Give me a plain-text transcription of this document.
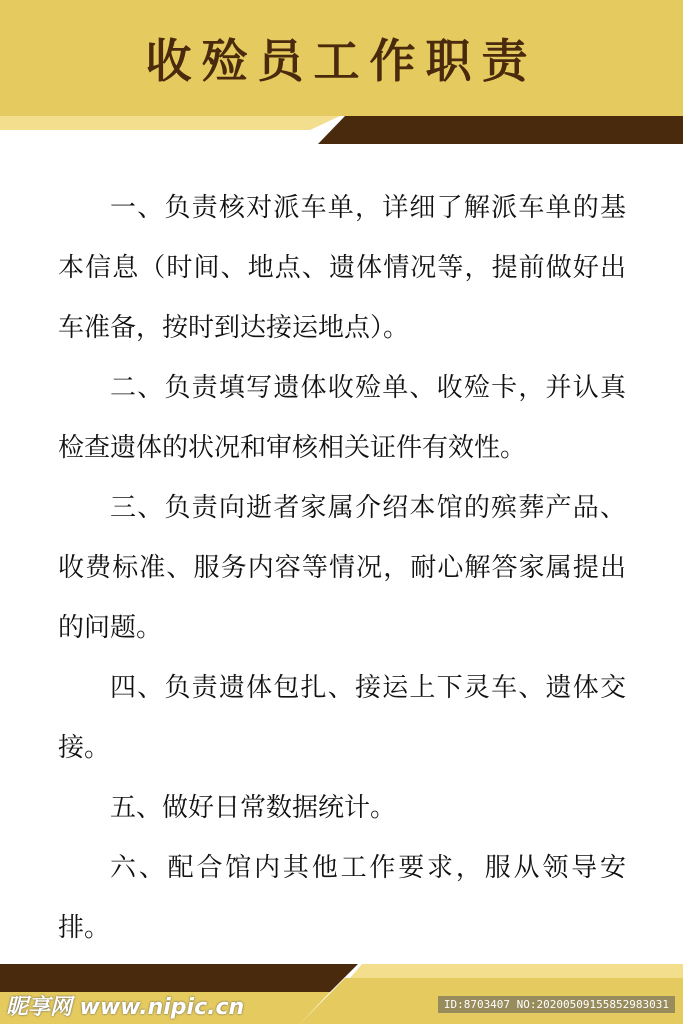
收殓员工作职责

一、负责核对派车单，详细了解派车单的基本信息（时间、地点、遗体情况等，提前做好出车准备，按时到达接运地点）。

二、负责填写遗体收殓单、收殓卡，并认真检查遗体的状况和审核相关证件有效性。

三、负责向逝者家属介绍本馆的殡葬产品、收费标准、服务内容等情况，耐心解答家属提出的问题。

四、负责遗体包扎、接运上下灵车、遗体交接。

五、做好日常数据统计。

六、配合馆内其他工作要求，服从领导安排。

昵享网 www.nipic.cn	ID:8703407 NO:20200509155852983031
